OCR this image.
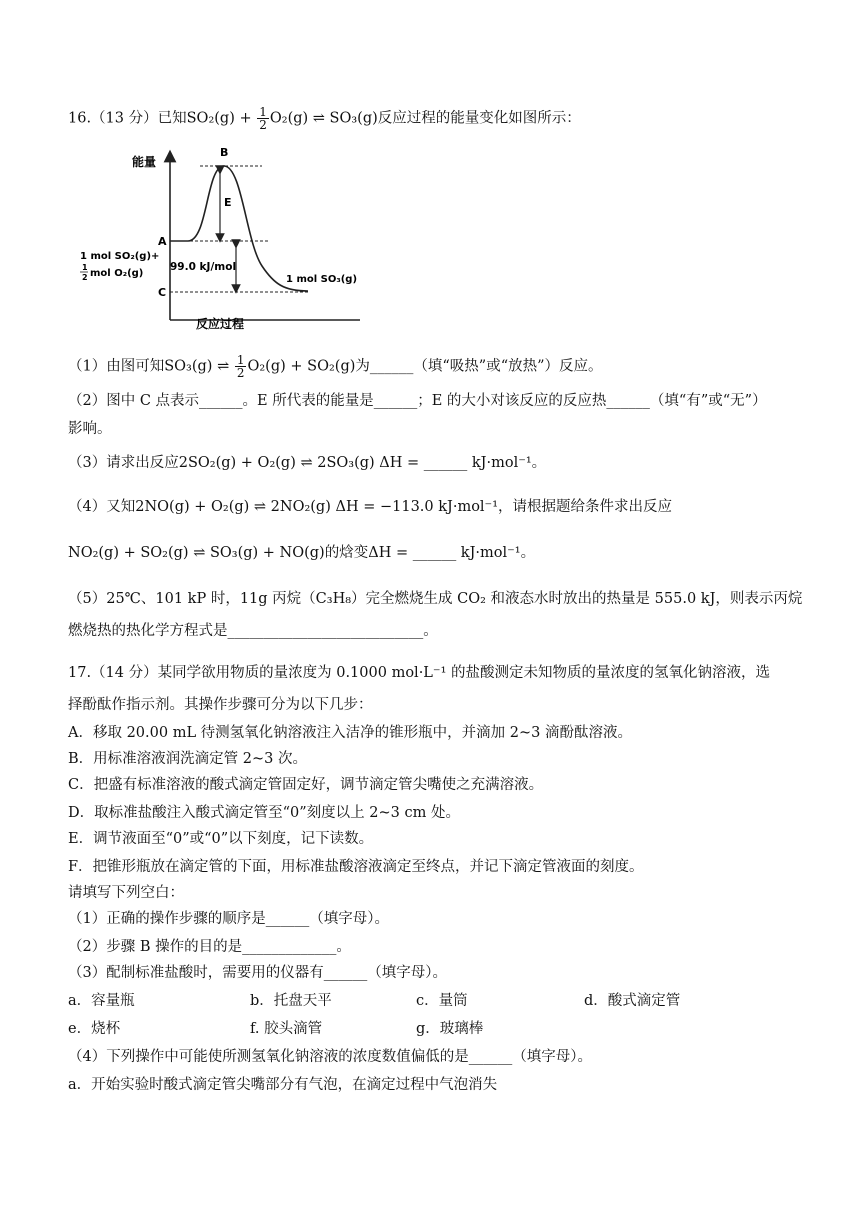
16.（13 分）已知$SO_2(g) + \frac{1}{2} O_2(g)$ ⇌ SO₃(g)反应过程的能量变化如图所示：
能量
反应过程
B
A
C
E
99.0 kJ/mol
1 mol SO₂(g)+
1
2 mol O₂(g)
1 mol SO₃(g)
（1）由图可知SO₃(g) ⇌ $\frac{1}{2} O_2(g) + SO_2(g)$为______（填“吸热”或“放热”）反应。
（2）图中 C 点表示______。E 所代表的能量是______；E 的大小对该反应的反应热______（填“有”或“无”）
影响。
（3）请求出反应2SO₂(g) + O₂(g) ⇌ 2SO₃(g) ΔH = ______ kJ·mol⁻¹。
（4）又知2NO(g) + O₂(g) ⇌ 2NO₂(g) ΔH = −113.0 kJ·mol⁻¹，请根据题给条件求出反应
NO₂(g) + SO₂(g) ⇌ SO₃(g) + NO(g)的焓变ΔH = ______ kJ·mol⁻¹。
（5）25℃、101 kP 时，11g 丙烷（C₃H₈）完全燃烧生成 CO₂ 和液态水时放出的热量是 555.0 kJ，则表示丙烷
燃烧热的热化学方程式是___________________________。
17.（14 分）某同学欲用物质的量浓度为 0.1000 mol·L⁻¹ 的盐酸测定未知物质的量浓度的氢氧化钠溶液，选
择酚酞作指示剂。其操作步骤可分为以下几步：
A．移取 20.00 mL 待测氢氧化钠溶液注入洁净的锥形瓶中，并滴加 2~3 滴酚酞溶液。
B．用标准溶液润洗滴定管 2~3 次。
C．把盛有标准溶液的酸式滴定管固定好，调节滴定管尖嘴使之充满溶液。
D．取标准盐酸注入酸式滴定管至“0”刻度以上 2~3 cm 处。
E．调节液面至“0”或“0”以下刻度，记下读数。
F．把锥形瓶放在滴定管的下面，用标准盐酸溶液滴定至终点，并记下滴定管液面的刻度。
请填写下列空白：
（1）正确的操作步骤的顺序是______（填字母）。
（2）步骤 B 操作的目的是_____________。
（3）配制标准盐酸时，需要用的仪器有______（填字母）。
a．容量瓶	b．托盘天平	c．量筒	d．酸式滴定管
e．烧杯	f. 胶头滴管	g．玻璃棒
（4）下列操作中可能使所测氢氧化钠溶液的浓度数值偏低的是______（填字母）。
a．开始实验时酸式滴定管尖嘴部分有气泡，在滴定过程中气泡消失
